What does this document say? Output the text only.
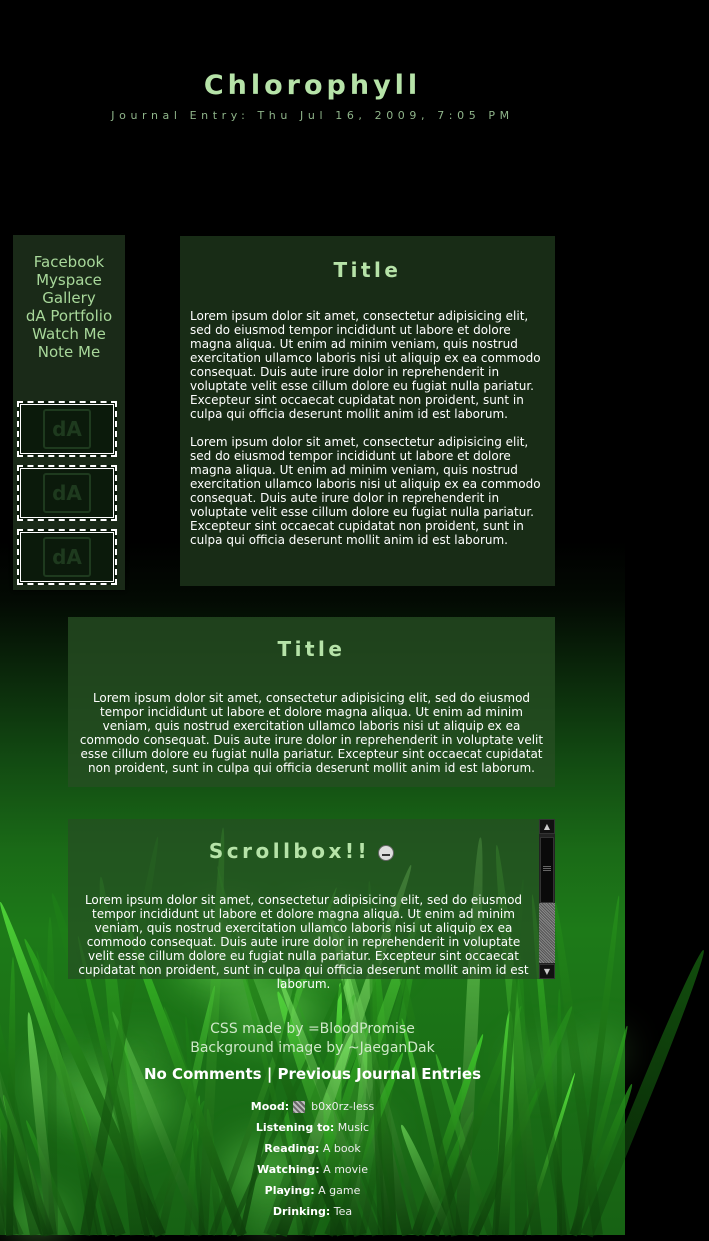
Chlorophyll
Journal Entry: Thu Jul 16, 2009, 7:05 PM
Facebook
Myspace
Gallery
dA Portfolio
Watch Me
Note Me
dA
dA
dA
Title

Lorem ipsum dolor sit amet, consectetur adipisicing elit, sed do eiusmod tempor incididunt ut labore et dolore magna aliqua. Ut enim ad minim veniam, quis nostrud exercitation ullamco laboris nisi ut aliquip ex ea commodo consequat. Duis aute irure dolor in reprehenderit in voluptate velit esse cillum dolore eu fugiat nulla pariatur. Excepteur sint occaecat cupidatat non proident, sunt in culpa qui officia deserunt mollit anim id est laborum.

Lorem ipsum dolor sit amet, consectetur adipisicing elit, sed do eiusmod tempor incididunt ut labore et dolore magna aliqua. Ut enim ad minim veniam, quis nostrud exercitation ullamco laboris nisi ut aliquip ex ea commodo consequat. Duis aute irure dolor in reprehenderit in voluptate velit esse cillum dolore eu fugiat nulla pariatur. Excepteur sint occaecat cupidatat non proident, sunt in culpa qui officia deserunt mollit anim id est laborum.

Title

Lorem ipsum dolor sit amet, consectetur adipisicing elit, sed do eiusmod tempor incididunt ut labore et dolore magna aliqua. Ut enim ad minim veniam, quis nostrud exercitation ullamco laboris nisi ut aliquip ex ea commodo consequat. Duis aute irure dolor in reprehenderit in voluptate velit esse cillum dolore eu fugiat nulla pariatur. Excepteur sint occaecat cupidatat non proident, sunt in culpa qui officia deserunt mollit anim id est laborum.

Scrollbox!!

Lorem ipsum dolor sit amet, consectetur adipisicing elit, sed do eiusmod tempor incididunt ut labore et dolore magna aliqua. Ut enim ad minim veniam, quis nostrud exercitation ullamco laboris nisi ut aliquip ex ea commodo consequat. Duis aute irure dolor in reprehenderit in voluptate velit esse cillum dolore eu fugiat nulla pariatur. Excepteur sint occaecat cupidatat non proident, sunt in culpa qui officia deserunt mollit anim id est laborum.

▲
▼
CSS made by =BloodPromise
Background image by ~JaeganDak
No Comments | Previous Journal Entries
Mood: b0x0rz-less
Listening to: Music
Reading: A book
Watching: A movie
Playing: A game
Drinking: Tea
